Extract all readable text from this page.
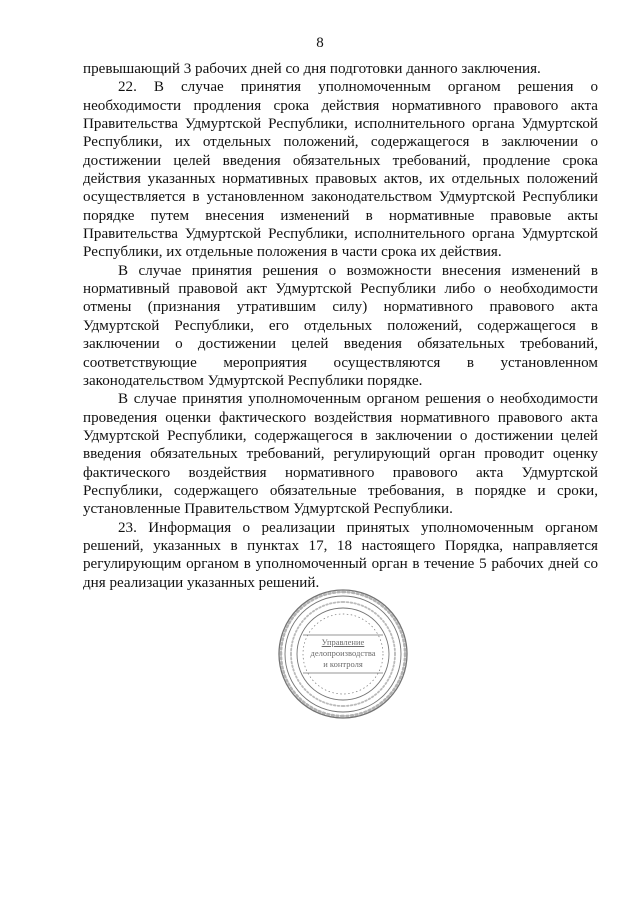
8

превышающий 3 рабочих дней со дня подготовки данного заключения.

22. В случае принятия уполномоченным органом решения о необходимости продления срока действия нормативного правового акта Правительства Удмуртской Республики, исполнительного органа Удмуртской Республики, их отдельных положений, содержащегося в заключении о достижении целей введения обязательных требований, продление срока действия указанных нормативных правовых актов, их отдельных положений осуществляется в установленном законодательством Удмуртской Республики порядке путем внесения изменений в нормативные правовые акты Правительства Удмуртской Республики, исполнительного органа Удмуртской Республики, их отдельные положения в части срока их действия.

В случае принятия решения о возможности внесения изменений в нормативный правовой акт Удмуртской Республики либо о необходимости отмены (признания утратившим силу) нормативного правового акта Удмуртской Республики, его отдельных положений, содержащегося в заключении о достижении целей введения обязательных требований, соответствующие мероприятия осуществляются в установленном законодательством Удмуртской Республики порядке.

В случае принятия уполномоченным органом решения о необходимости проведения оценки фактического воздействия нормативного правового акта Удмуртской Республики, содержащегося в заключении о достижении целей введения обязательных требований, регулирующий орган проводит оценку фактического воздействия нормативного правового акта Удмуртской Республики, содержащего обязательные требования, в порядке и сроки, установленные Правительством Удмуртской Республики.

23. Информация о реализации принятых уполномоченным органом решений, указанных в пунктах 17, 18 настоящего Порядка, направляется регулирующим органом в уполномоченный орган в течение 5 рабочих дней со дня реализации указанных решений.

Управление
делопроизводства
и контроля
